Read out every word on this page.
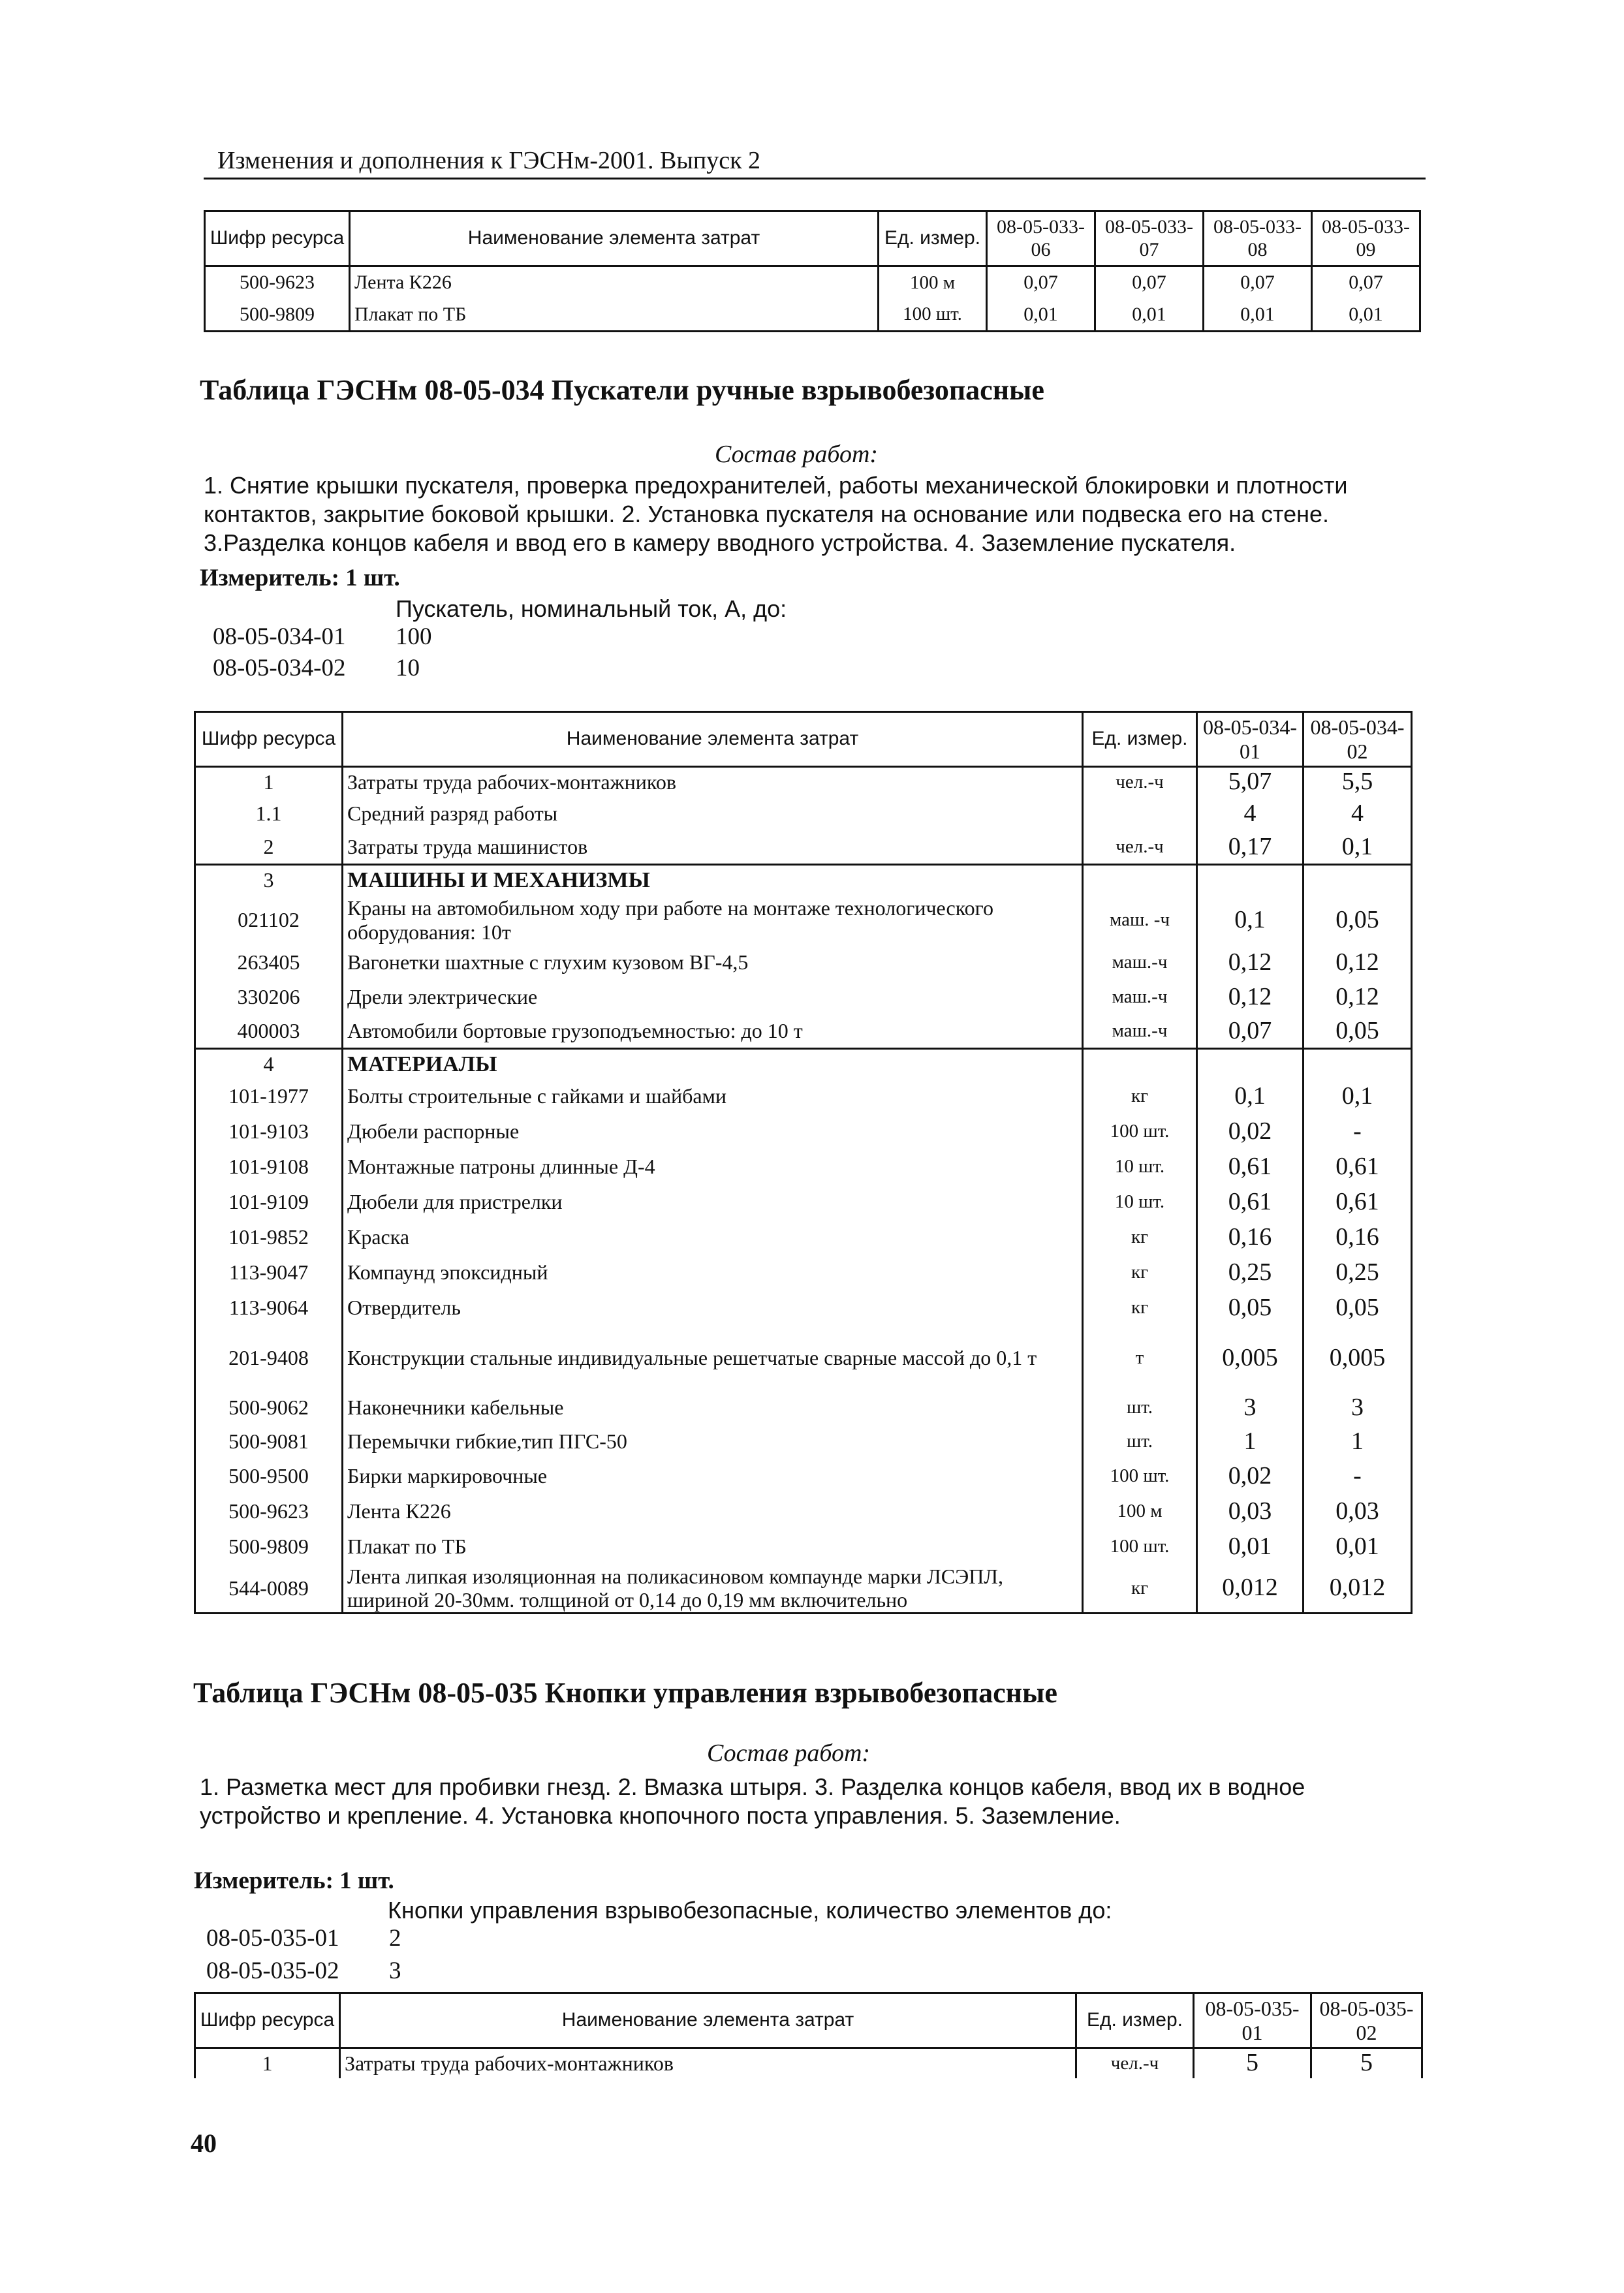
Изменения и дополнения к ГЭСНм-2001. Выпуск 2
Шифр ресурса	Наименование элемента затрат	Ед. измер.	08-05-033-06	08-05-033-07	08-05-033-08	08-05-033-09
500-9623	Лента К226	100 м	0,07	0,07	0,07	0,07
500-9809	Плакат по ТБ	100 шт.	0,01	0,01	0,01	0,01
Таблица ГЭСНм 08-05-034 Пускатели ручные взрывобезопасные
Состав работ:
1. Снятие крышки пускателя, проверка предохранителей, работы механической блокировки и плотности контактов, закрытие боковой крышки. 2. Установка пускателя на основание или подвеска его на стене. 3.Разделка концов кабеля и ввод его в камеру вводного устройства. 4. Заземление пускателя.
Измеритель: 1 шт.
Пускатель, номинальный ток, А, до:
08-05-034-01 100
08-05-034-02 10
Шифр ресурса	Наименование элемента затрат	Ед. измер.	08-05-034-01	08-05-034-02
1	Затраты труда рабочих-монтажников	чел.-ч	5,07	5,5
1.1	Средний разряд работы		4	4
2	Затраты труда машинистов	чел.-ч	0,17	0,1
3	МАШИНЫ И МЕХАНИЗМЫ			
021102	Краны на автомобильном ходу при работе на монтаже технологического оборудования: 10т	маш. -ч	0,1	0,05
263405	Вагонетки шахтные с глухим кузовом ВГ-4,5	маш.-ч	0,12	0,12
330206	Дрели электрические	маш.-ч	0,12	0,12
400003	Автомобили бортовые грузоподъемностью: до 10 т	маш.-ч	0,07	0,05
4	МАТЕРИАЛЫ			
101-1977	Болты строительные с гайками и шайбами	кг	0,1	0,1
101-9103	Дюбели распорные	100 шт.	0,02	-
101-9108	Монтажные патроны длинные Д-4	10 шт.	0,61	0,61
101-9109	Дюбели для пристрелки	10 шт.	0,61	0,61
101-9852	Краска	кг	0,16	0,16
113-9047	Компаунд эпоксидный	кг	0,25	0,25
113-9064	Отвердитель	кг	0,05	0,05
201-9408	Конструкции стальные индивидуальные решетчатые сварные массой до 0,1 т	т	0,005	0,005
500-9062	Наконечники кабельные	шт.	3	3
500-9081	Перемычки гибкие,тип ПГС-50	шт.	1	1
500-9500	Бирки маркировочные	100 шт.	0,02	-
500-9623	Лента К226	100 м	0,03	0,03
500-9809	Плакат по ТБ	100 шт.	0,01	0,01
544-0089	Лента липкая изоляционная на поликасиновом компаунде марки ЛСЭПЛ, шириной 20-30мм. толщиной от 0,14 до 0,19 мм включительно	кг	0,012	0,012
Таблица ГЭСНм 08-05-035 Кнопки управления взрывобезопасные
Состав работ:
1. Разметка мест для пробивки гнезд. 2. Вмазка штыря. 3. Разделка концов кабеля, ввод их в водное устройство и крепление. 4. Установка кнопочного поста управления. 5. Заземление.
Измеритель: 1 шт.
Кнопки управления взрывобезопасные, количество элементов до:
08-05-035-01 2
08-05-035-02 3
Шифр ресурса	Наименование элемента затрат	Ед. измер.	08-05-035-01	08-05-035-02
1	Затраты труда рабочих-монтажников	чел.-ч	5	5
40
